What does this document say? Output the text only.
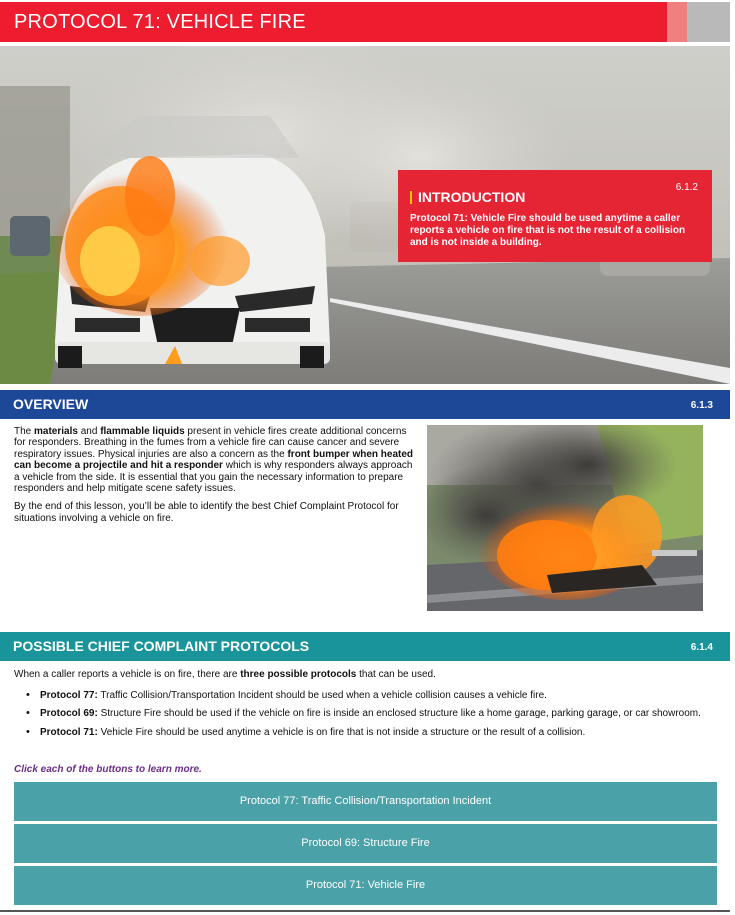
PROTOCOL 71: VEHICLE FIRE
INTRODUCTION
6.1.2
Protocol 71: Vehicle Fire should be used anytime a caller reports a vehicle on fire that is not the result of a collision and is not inside a building.
OVERVIEW	6.1.3

The materials and flammable liquids present in vehicle fires create additional concerns for responders. Breathing in the fumes from a vehicle fire can cause cancer and severe respiratory issues. Physical injuries are also a concern as the front bumper when heated can become a projectile and hit a responder which is why responders always approach a vehicle from the side. It is essential that you gain the necessary information to prepare responders and help mitigate scene safety issues.

By the end of this lesson, you’ll be able to identify the best Chief Complaint Protocol for situations involving a vehicle on fire.

POSSIBLE CHIEF COMPLAINT PROTOCOLS	6.1.4
When a caller reports a vehicle is on fire, there are three possible protocols that can be used.
• Protocol 77: Traffic Collision/Transportation Incident should be used when a vehicle collision causes a vehicle fire.
• Protocol 69: Structure Fire should be used if the vehicle on fire is inside an enclosed structure like a home garage, parking garage, or car showroom.
• Protocol 71: Vehicle Fire should be used anytime a vehicle is on fire that is not inside a structure or the result of a collision.
Click each of the buttons to learn more.
Protocol 77: Traffic Collision/Transportation Incident
Protocol 69: Structure Fire
Protocol 71: Vehicle Fire
